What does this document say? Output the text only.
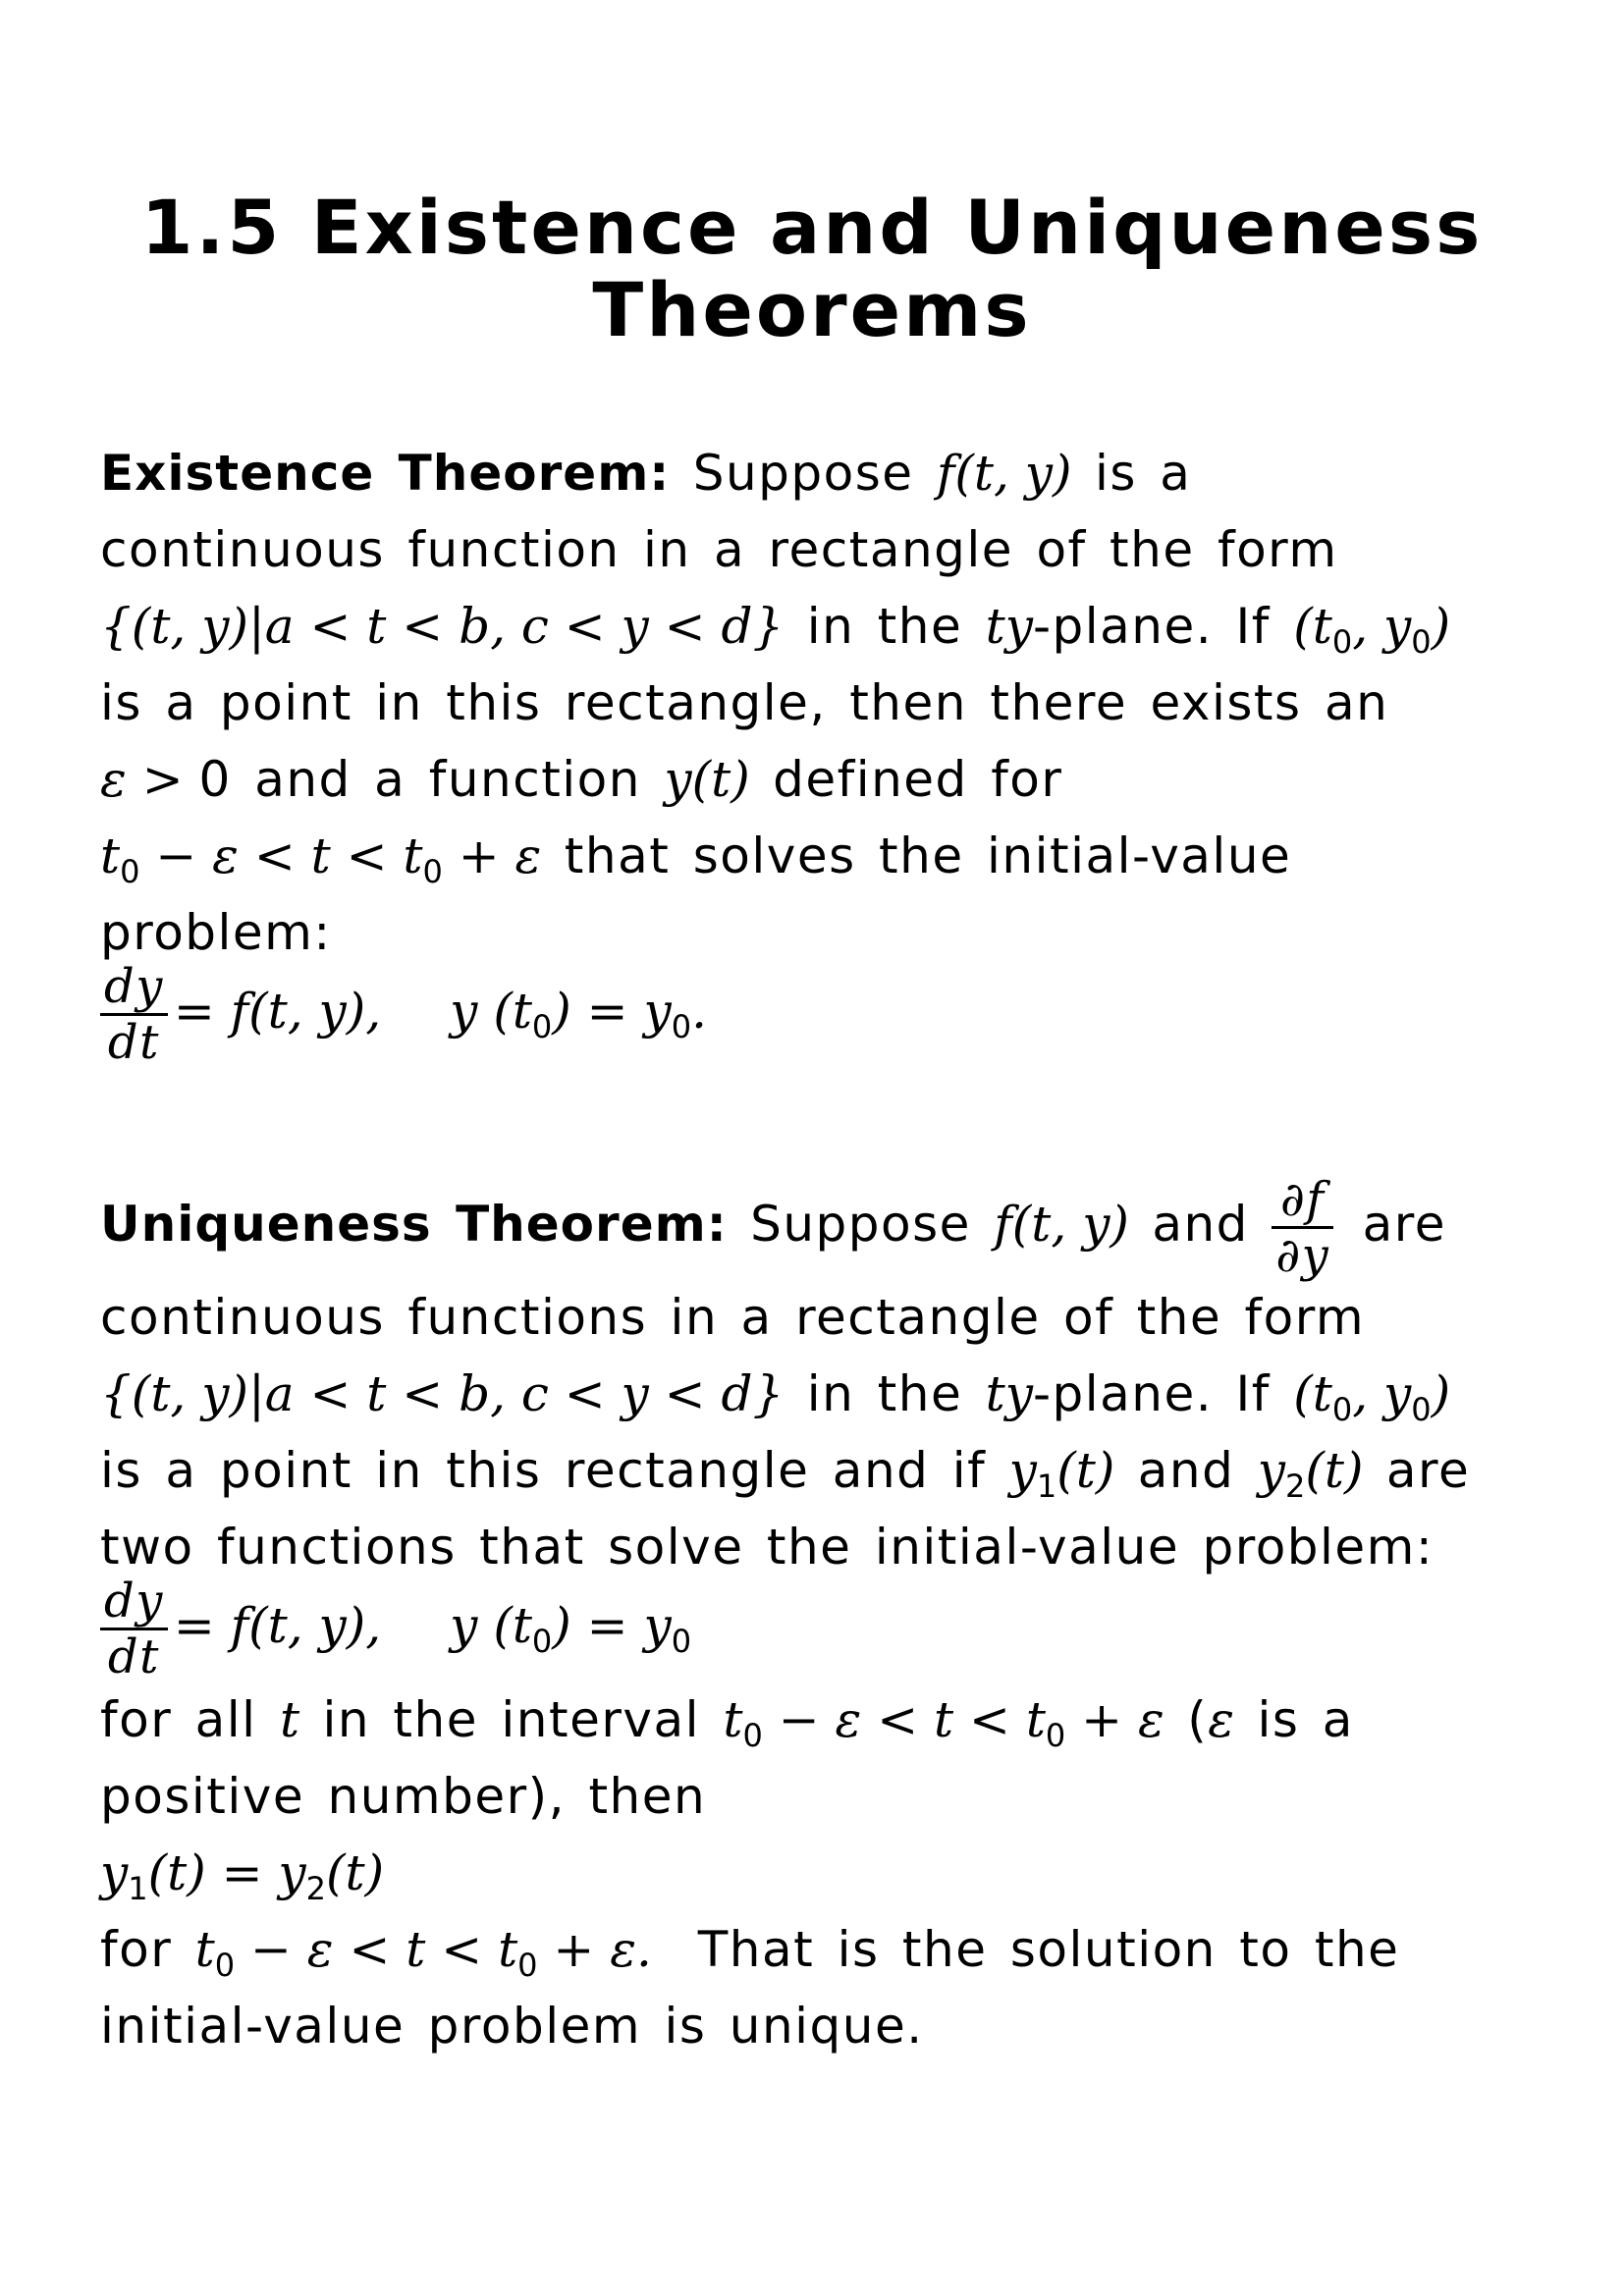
1.5 Existence and Uniqueness
Theorems
Existence Theorem: Suppose f(t, y) is a
continuous function in a rectangle of the form
{(t, y)|a < t < b, c < y < d} in the ty-plane. If ($t_0$, $y_0$)
is a point in this rectangle, then there exists an
ε > 0 and a function y(t) defined for
$t_0 - \varepsilon < t < t_0 + \varepsilon$ that solves the initial-value
problem:
$\frac{dy}{dt} = f(t$, y), y $(t_0) = y_0$.
Uniqueness Theorem: Suppose f(t, y) and $\frac{\partial f}{\partial y}$ are
continuous functions in a rectangle of the form
{(t, y)|a < t < b, c < y < d} in the ty-plane. If ($t_0$, $y_0$)
is a point in this rectangle and if $y_1(t)$ and $y_2(t)$ are
two functions that solve the initial-value problem:
$\frac{dy}{dt} = f(t$, y), y $(t_0) = y_0$
for all t in the interval $t_0 - \varepsilon < t < t_0 + \varepsilon$ (ε is a
positive number), then
$y_1(t) = y_2(t)$
for $t_0 - \varepsilon < t < t_0 + \varepsilon$.  That is the solution to the
initial-value problem is unique.
